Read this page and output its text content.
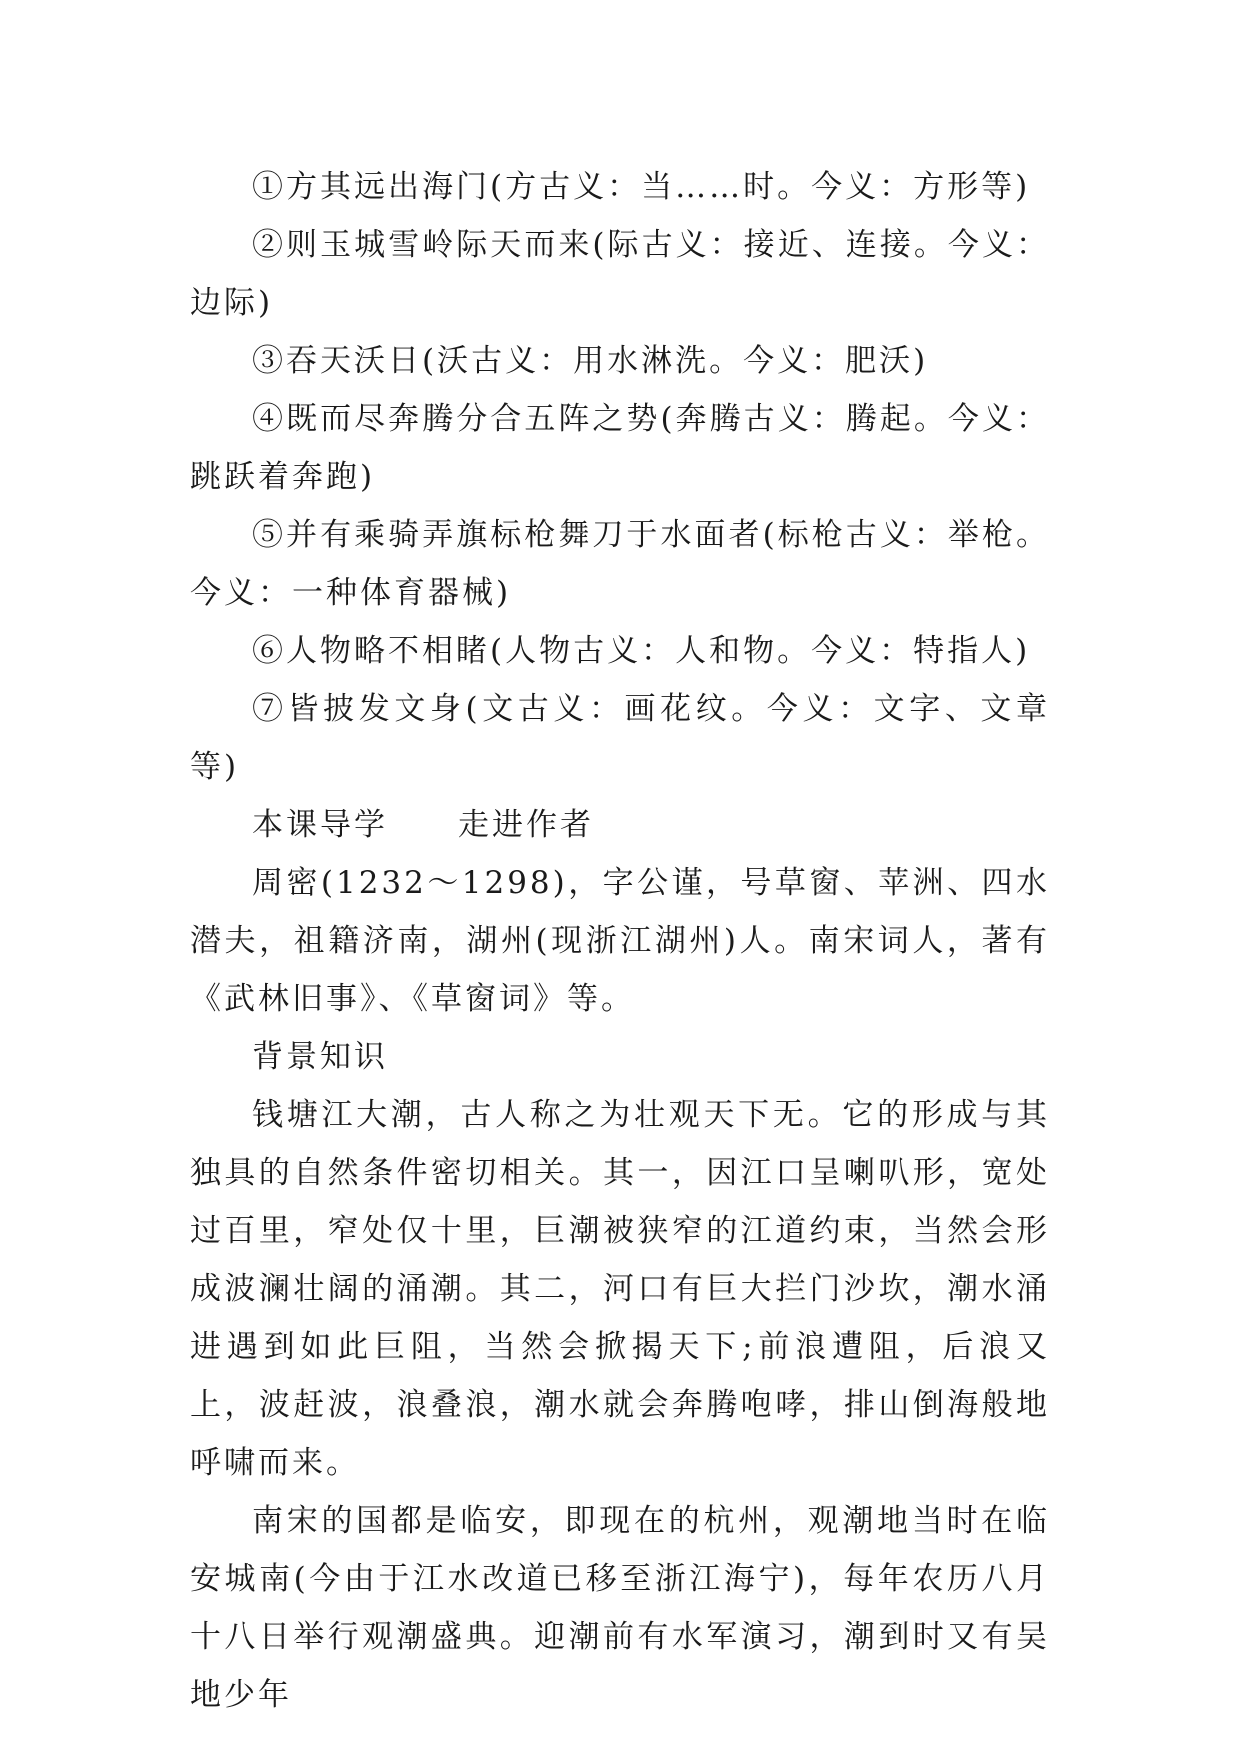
①方其远出海门(方古义：当……时。今义：方形等)

②则玉城雪岭际天而来(际古义：接近、连接。今义：边际)

③吞天沃日(沃古义：用水淋洗。今义：肥沃)

④既而尽奔腾分合五阵之势(奔腾古义：腾起。今义：跳跃着奔跑)

⑤并有乘骑弄旗标枪舞刀于水面者(标枪古义：举枪。今义：一种体育器械)

⑥人物略不相睹(人物古义：人和物。今义：特指人)

⑦皆披发文身(文古义：画花纹。今义：文字、文章等)

本课导学 走进作者

周密(1232～1298)，字公谨，号草窗、苹洲、四水潜夫，祖籍济南，湖州(现浙江湖州)人。南宋词人，著有《武林旧事》、《草窗词》等。

背景知识

钱塘江大潮，古人称之为壮观天下无。它的形成与其独具的自然条件密切相关。其一，因江口呈喇叭形，宽处过百里，窄处仅十里，巨潮被狭窄的江道约束，当然会形成波澜壮阔的涌潮。其二，河口有巨大拦门沙坎，潮水涌进遇到如此巨阻，当然会掀揭天下;前浪遭阻，后浪又上，波赶波，浪叠浪，潮水就会奔腾咆哮，排山倒海般地呼啸而来。

南宋的国都是临安，即现在的杭州，观潮地当时在临安城南(今由于江水改道已移至浙江海宁)，每年农历八月十八日举行观潮盛典。迎潮前有水军演习，潮到时又有吴地少年
